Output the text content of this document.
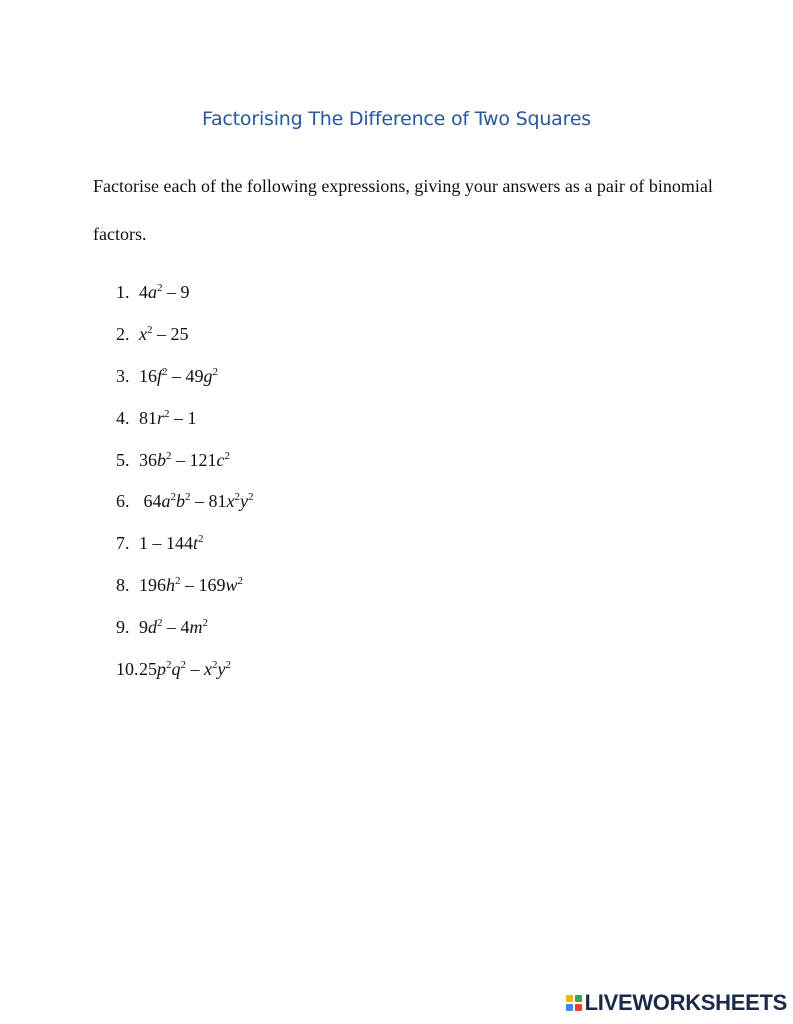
Factorising The Difference of Two Squares
Factorise each of the following expressions, giving your answers as a pair of binomial factors.
1. $4a^2 - 9$
2. $x^2 - 25$
3. $16f^2 - 49g^2$
4. $81r^2 - 1$
5. $36b^2 - 121c^2$
6. $64a^2b^2 - 81x^2y^2$
7. $1 - 144t^2$
8. $196h^2 - 169w^2$
9. $9d^2 - 4m^2$
10. $25p^2q^2 - x^2y^2$
LIVEWORKSHEETS
